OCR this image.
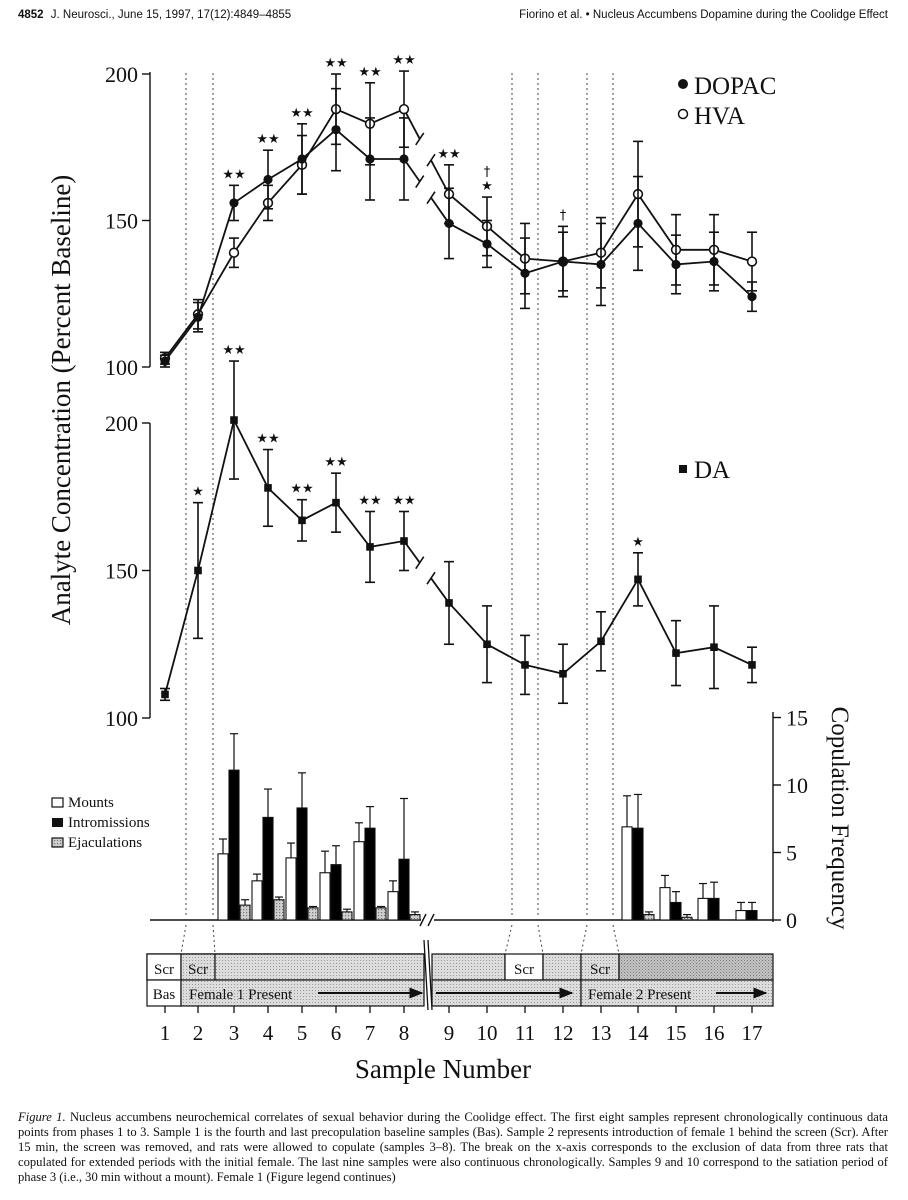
4852 J. Neurosci., June 15, 1997, 17(12):4849–4855	Fiorino et al. • Nucleus Accumbens Dopamine during the Coolidge Effect
100
150
200
100
150
200
0
5
10
15
★★
★★
★★
★★
★★
★★
★★
†
★
†
★
★★
★★
★★
★★
★★ ★★
★
DOPAC
HVA
DA
Mounts
Intromissions
Ejaculations
Analyte Concentration (Percent Baseline)
Copulation Frequency
Sample Number
Scr Scr	Scr	Scr
Bas Female 1 Present	Female 2 Present
1 2 3 4 5 6 7 8 9 10 11 12 13 14 15 16 17
Figure 1. Nucleus accumbens neurochemical correlates of sexual behavior during the Coolidge effect. The first eight samples represent chronologically continuous data points from phases 1 to 3. Sample 1 is the fourth and last precopulation baseline samples (Bas). Sample 2 represents introduction of female 1 behind the screen (Scr). After 15 min, the screen was removed, and rats were allowed to copulate (samples 3–8). The break on the x-axis corresponds to the exclusion of data from three rats that copulated for extended periods with the initial female. The last nine samples were also continuous chronologically. Samples 9 and 10 correspond to the satiation period of phase 3 (i.e., 30 min without a mount). Female 1 (Figure legend continues)
